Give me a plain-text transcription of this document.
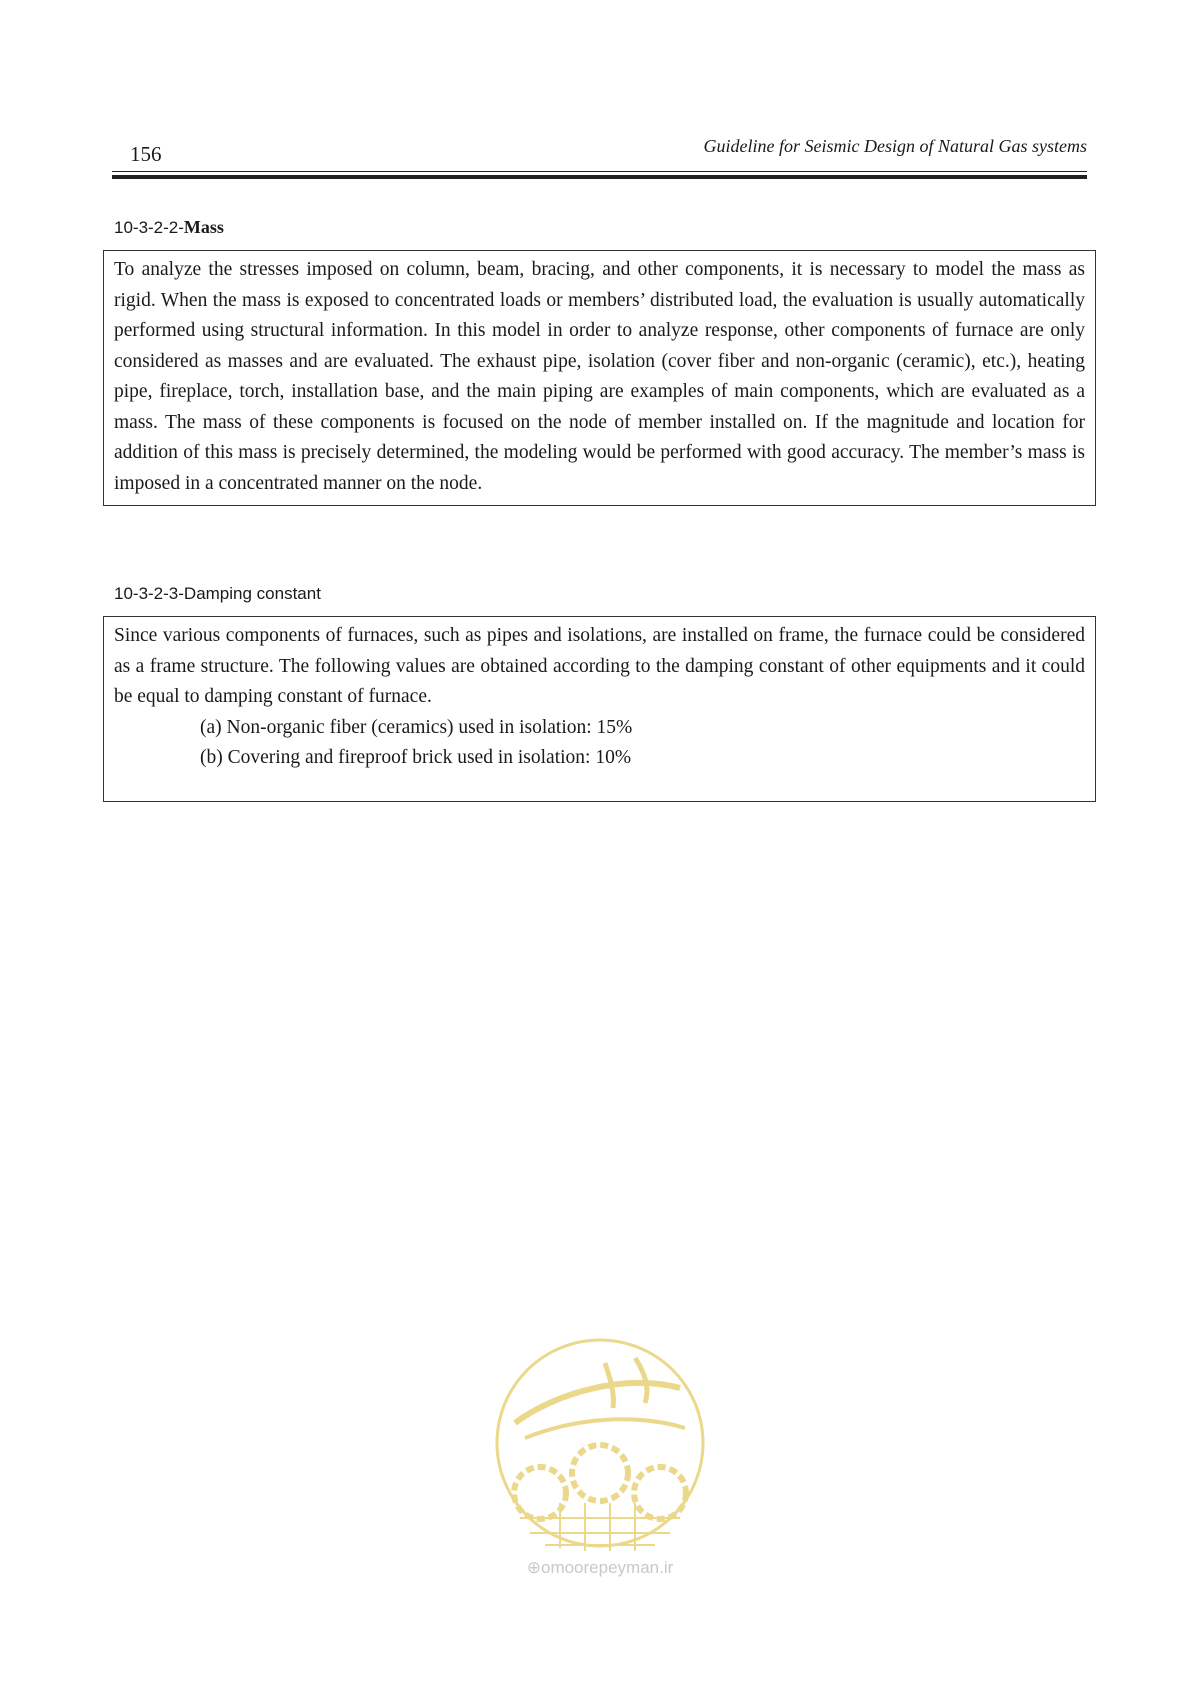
156	Guideline for Seismic Design of Natural Gas systems
10-3-2-2-Mass
To analyze the stresses imposed on column, beam, bracing, and other components, it is necessary to model the mass as rigid. When the mass is exposed to concentrated loads or members’ distributed load, the evaluation is usually automatically performed using structural information. In this model in order to analyze response, other components of furnace are only considered as masses and are evaluated. The exhaust pipe, isolation (cover fiber and non-organic (ceramic), etc.), heating pipe, fireplace, torch, installation base, and the main piping are examples of main components, which are evaluated as a mass. The mass of these components is focused on the node of member installed on. If the magnitude and location for addition of this mass is precisely determined, the modeling would be performed with good accuracy. The member’s mass is imposed in a concentrated manner on the node.
10-3-2-3-Damping constant
Since various components of furnaces, such as pipes and isolations, are installed on frame, the furnace could be considered as a frame structure. The following values are obtained according to the damping constant of other equipments and it could be equal to damping constant of furnace.
(a) Non-organic fiber (ceramics) used in isolation: 15%
(b) Covering and fireproof brick used in isolation: 10%
⊕omoorepeyman.ir
